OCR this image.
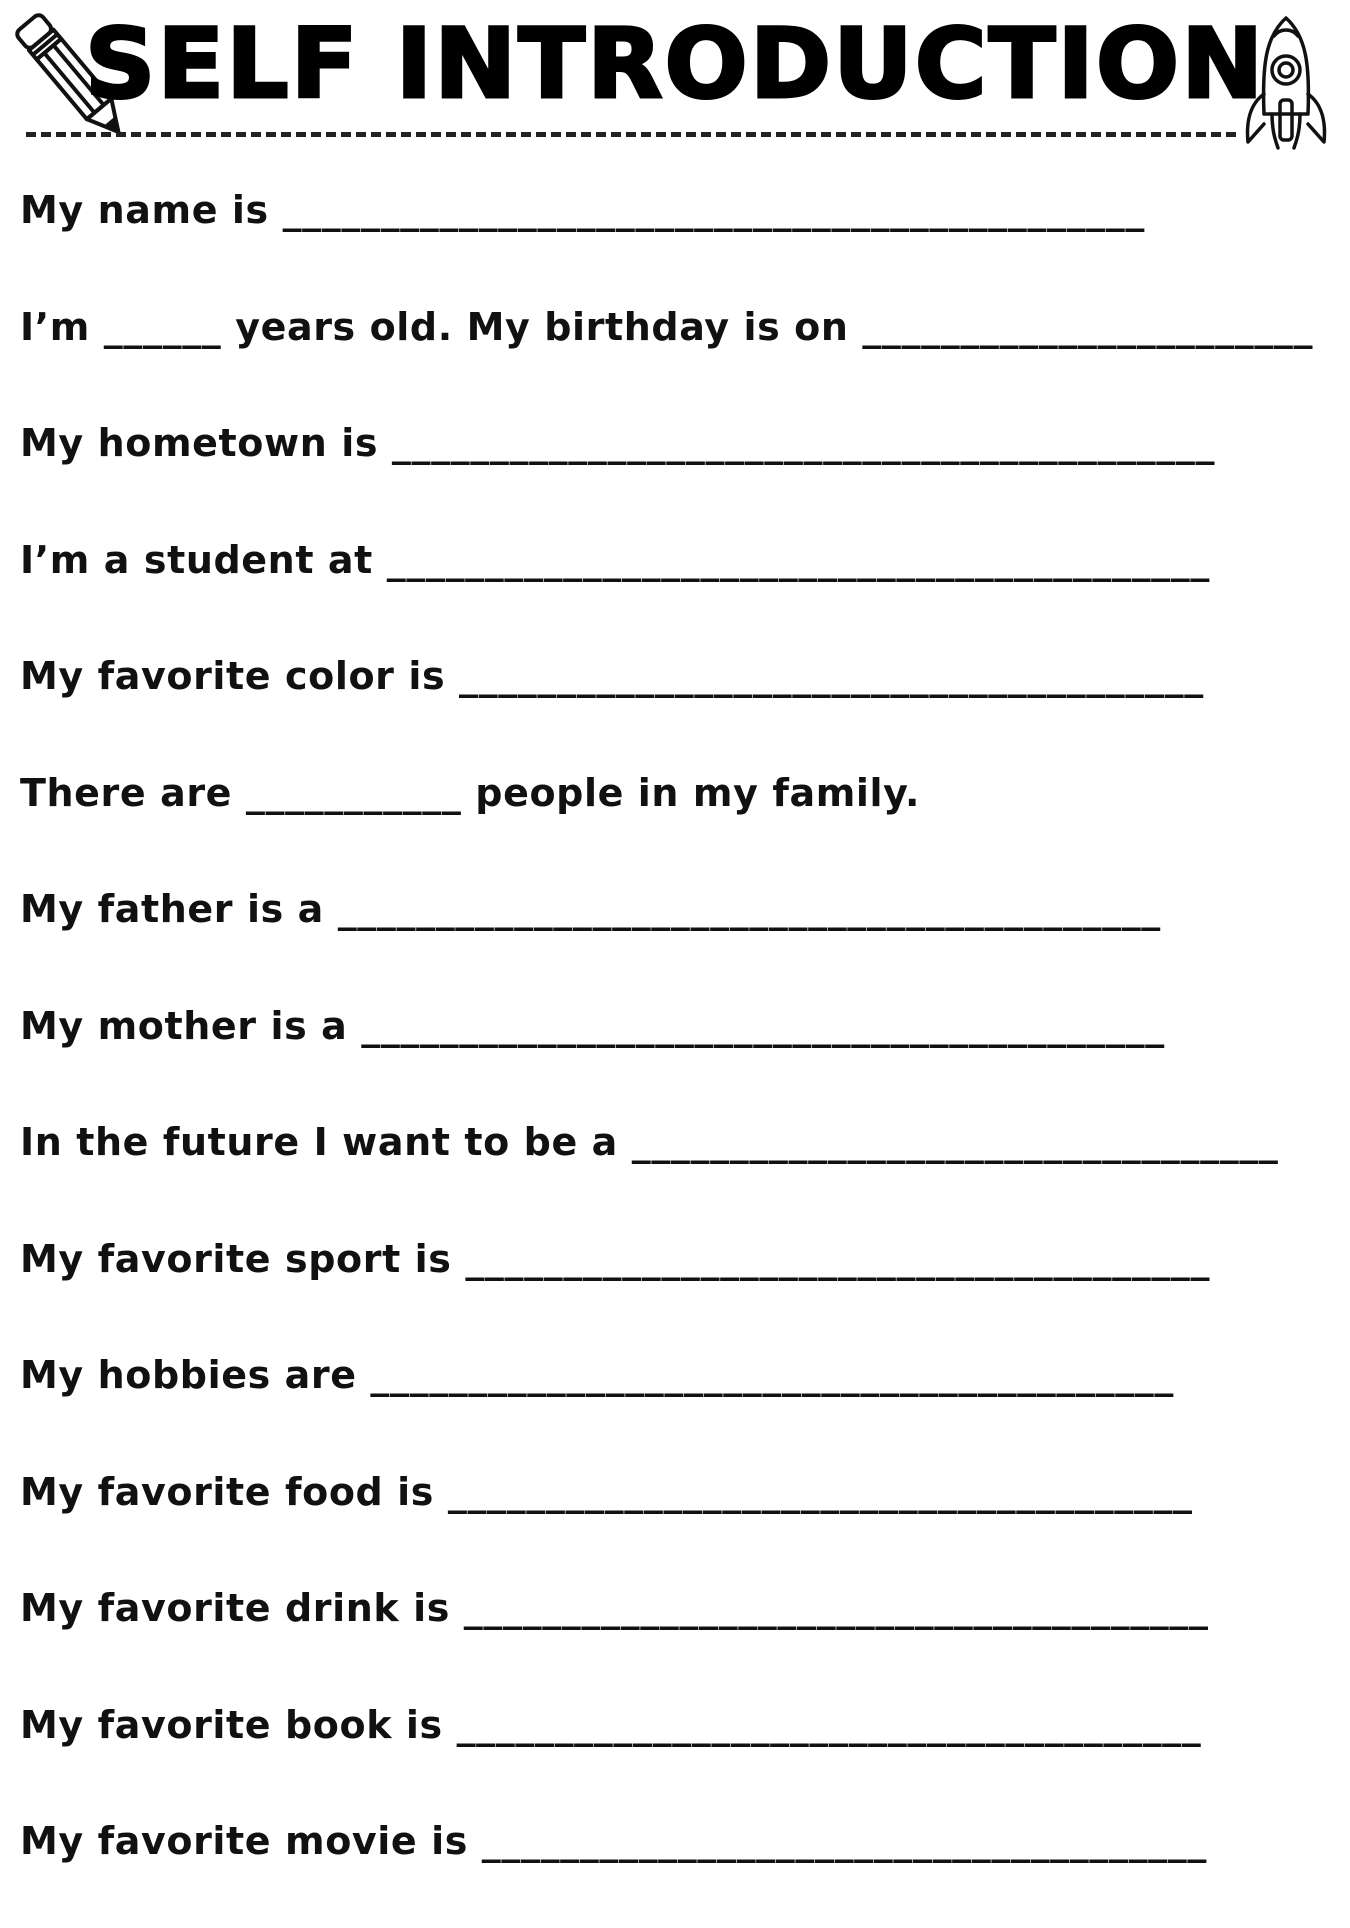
SELF INTRODUCTION
My name is ____________________________________________
I’m ______ years old. My birthday is on _______________________
My hometown is __________________________________________
I’m a student at __________________________________________
My favorite color is ______________________________________
There are ___________ people in my family.
My father is a __________________________________________
My mother is a _________________________________________
In the future I want to be a _________________________________
My favorite sport is ______________________________________
My hobbies are _________________________________________
My favorite food is ______________________________________
My favorite drink is ______________________________________
My favorite book is ______________________________________
My favorite movie is _____________________________________
